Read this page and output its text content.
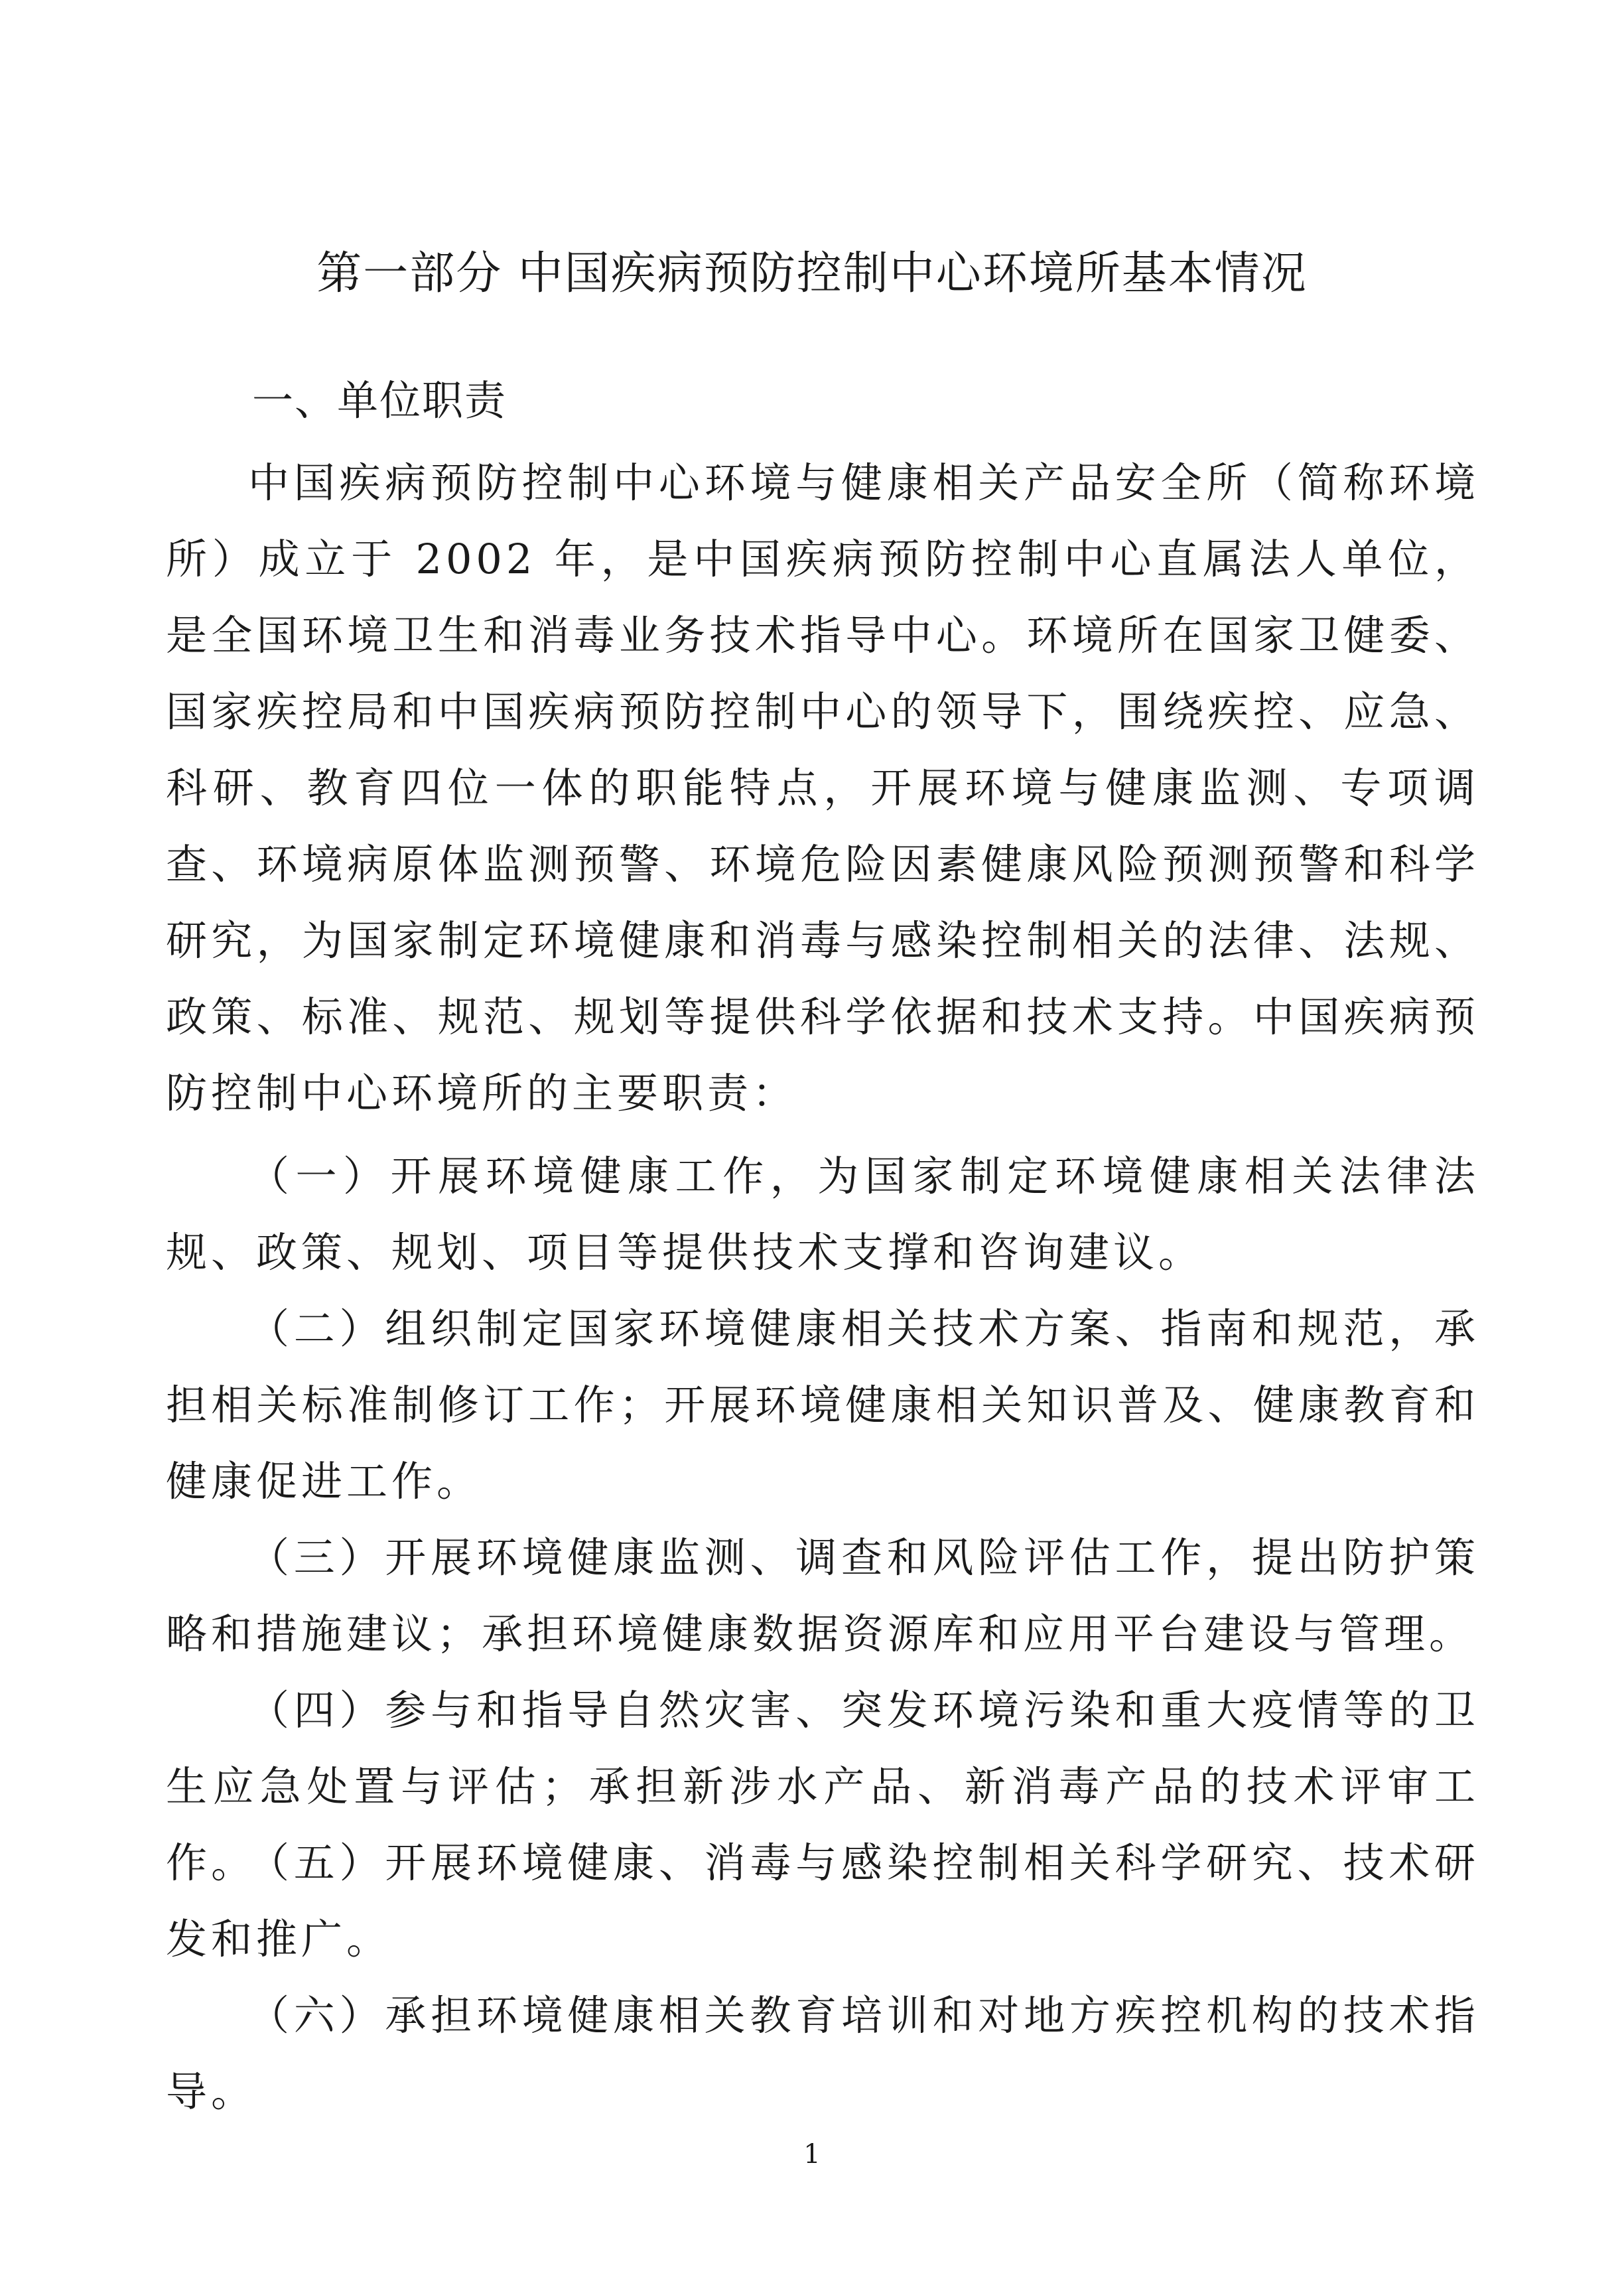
第一部分 中国疾病预防控制中心环境所基本情况
一、单位职责

中国疾病预防控制中心环境与健康相关产品安全所（简称环境所）成立于 2002 年，是中国疾病预防控制中心直属法人单位，是全国环境卫生和消毒业务技术指导中心。环境所在国家卫健委、国家疾控局和中国疾病预防控制中心的领导下，围绕疾控、应急、科研、教育四位一体的职能特点，开展环境与健康监测、专项调查、环境病原体监测预警、环境危险因素健康风险预测预警和科学研究，为国家制定环境健康和消毒与感染控制相关的法律、法规、政策、标准、规范、规划等提供科学依据和技术支持。中国疾病预防控制中心环境所的主要职责：

（一）开展环境健康工作，为国家制定环境健康相关法律法规、政策、规划、项目等提供技术支撑和咨询建议。

（二）组织制定国家环境健康相关技术方案、指南和规范，承担相关标准制修订工作；开展环境健康相关知识普及、健康教育和健康促进工作。

（三）开展环境健康监测、调查和风险评估工作，提出防护策略和措施建议；承担环境健康数据资源库和应用平台建设与管理。

（四）参与和指导自然灾害、突发环境污染和重大疫情等的卫生应急处置与评估；承担新涉水产品、新消毒产品的技术评审工作。

（五）开展环境健康、消毒与感染控制相关科学研究、技术研发和推广。

（六）承担环境健康相关教育培训和对地方疾控机构的技术指导。

1
